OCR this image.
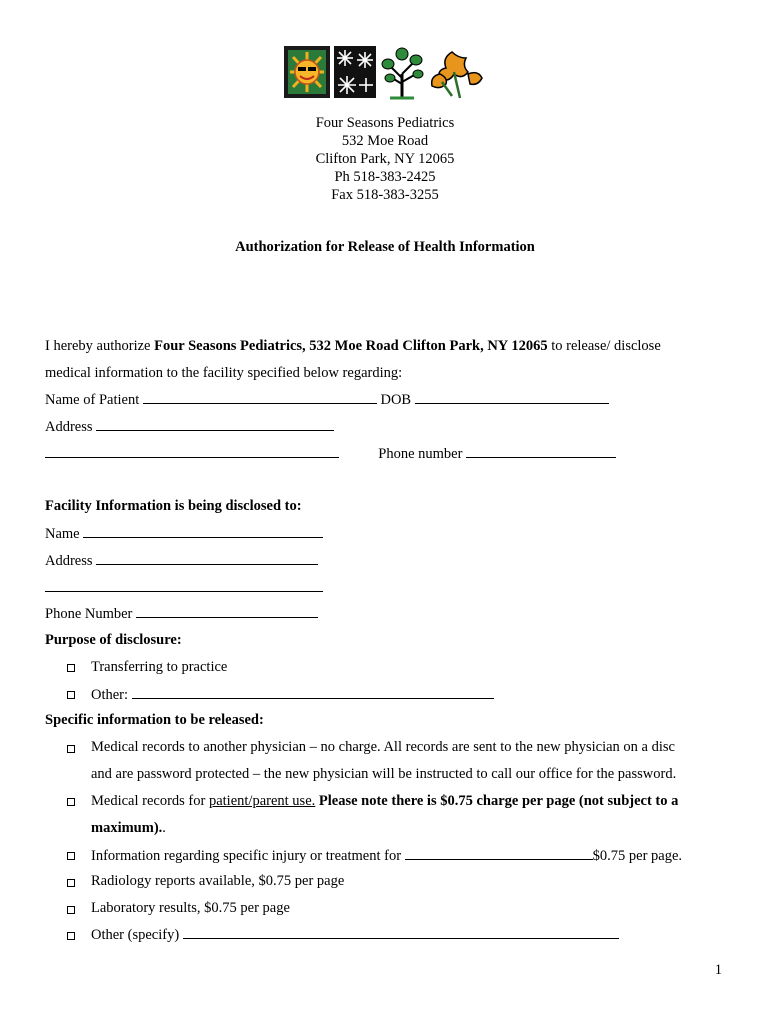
Four Seasons Pediatrics
532 Moe Road
Clifton Park, NY 12065
Ph 518-383-2425
Fax 518-383-3255
Authorization for Release of Health Information
I hereby authorize Four Seasons Pediatrics, 532 Moe Road Clifton Park, NY 12065 to release/ disclose
medical information to the facility specified below regarding:
Name of Patient	DOB
Address
Phone number
Facility Information is being disclosed to:
Name
Address
Phone Number
Purpose of disclosure:
Transferring to practice
Other:
Specific information to be released:
Medical records to another physician – no charge. All records are sent to the new physician on a disc
and are password protected – the new physician will be instructed to call our office for the password.
Medical records for patient/parent use. Please note there is $0.75 charge per page (not subject to a
maximum)..
Information regarding specific injury or treatment for	$0.75 per page.
Radiology reports available, $0.75 per page
Laboratory results, $0.75 per page
Other (specify)
1
